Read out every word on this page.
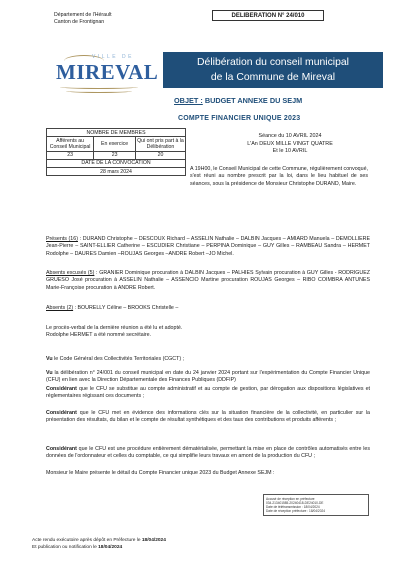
Département de l'Hérault
Canton de Frontignan
DELIBERATION N° 24/010
VILLE DE
MIREVAL	Délibération du conseil municipal
de la Commune de Mireval
OBJET : BUDGET ANNEXE DU SEJM
COMPTE FINANCIER UNIQUE 2023
NOMBRE DE MEMBRES		
Afférents au Conseil Municipal	En exercice	Qui ont pris part à la Délibération
23	23	20
DATE DE LA CONVOCATION		
28 mars 2024		
Séance du 10 AVRIL 2024
L'An DEUX MILLE VINGT QUATRE
Et le 10 AVRIL
A 19H00, le Conseil Municipal de cette Commune, régulièrement convoqué, s'est réuni au nombre prescrit par la loi, dans le lieu habituel de ses séances, sous la présidence de Monsieur Christophe DURAND, Maire.
Présents (16) : DURAND Christophe – DESCOUX Richard – ASSELIN Nathalie – DALBIN Jacques – AMIARD Manuela – DEMOLLIERE Jean-Pierre – SAINT-ELLIER Catherine – ESCUDIER Christiane – PERPINA Dominique – GUY Gilles – RAMBEAU Sandra – HERMET Rodolphe – DAURES Damien –ROUJAS Georges –ANDRE Robert –JO Michel.
Absents excusés (5) : GRANIER Dominique procuration à DALBIN Jacques – PALHIES Sylvain procuration à GUY Gilles - RODRIGUEZ GRUESO José procuration à ASSELIN Nathalie – ASSENCIO Martine procuration ROUJAS Georges – RIBO COIMBRA ANTUNES Marie-Françoise procuration à ANDRE Robert.
Absents (2) : BOURELLY Céline – BROOKS Christelle –
Le procès-verbal de la dernière réunion a été lu et adopté.
Rodolphe HERMET a été nommé secrétaire.
Vu le Code Général des Collectivités Territoriales (CGCT) ;
Vu la délibération n° 24/001 du conseil municipal en date du 24 janvier 2024 portant sur l'expérimentation du Compte Financier Unique (CFU) en lien avec la Direction Départementale des Finances Publiques (DDFIP)
Considérant que le CFU se substitue au compte administratif et au compte de gestion, par dérogation aux dispositions législatives et réglementaires régissant ces documents ;
Considérant que le CFU met en évidence des informations clés sur la situation financière de la collectivité, en particulier sur la présentation des résultats, du bilan et le compte de résultat synthétiques et des taux des contributions et produits afférents ;
Considérant que le CFU est une procédure entièrement dématérialisée, permettant la mise en place de contrôles automatisés entre les données de l'ordonnateur et celles du comptable, ce qui simplifie leurs travaux en amont de la production du CFU ;
Monsieur le Maire présente le détail du Compte Financier unique 2023 du Budget Annexe SEJM :
Accusé de réception en préfecture
034-213401585-20240418-DE24010-DE
Date de télétransmission : 18/04/2024
Date de réception préfecture : 18/04/2024
Acte rendu exécutoire après dépôt en Préfecture le 18/04/2024
Et publication ou notification le 18/04/2024
